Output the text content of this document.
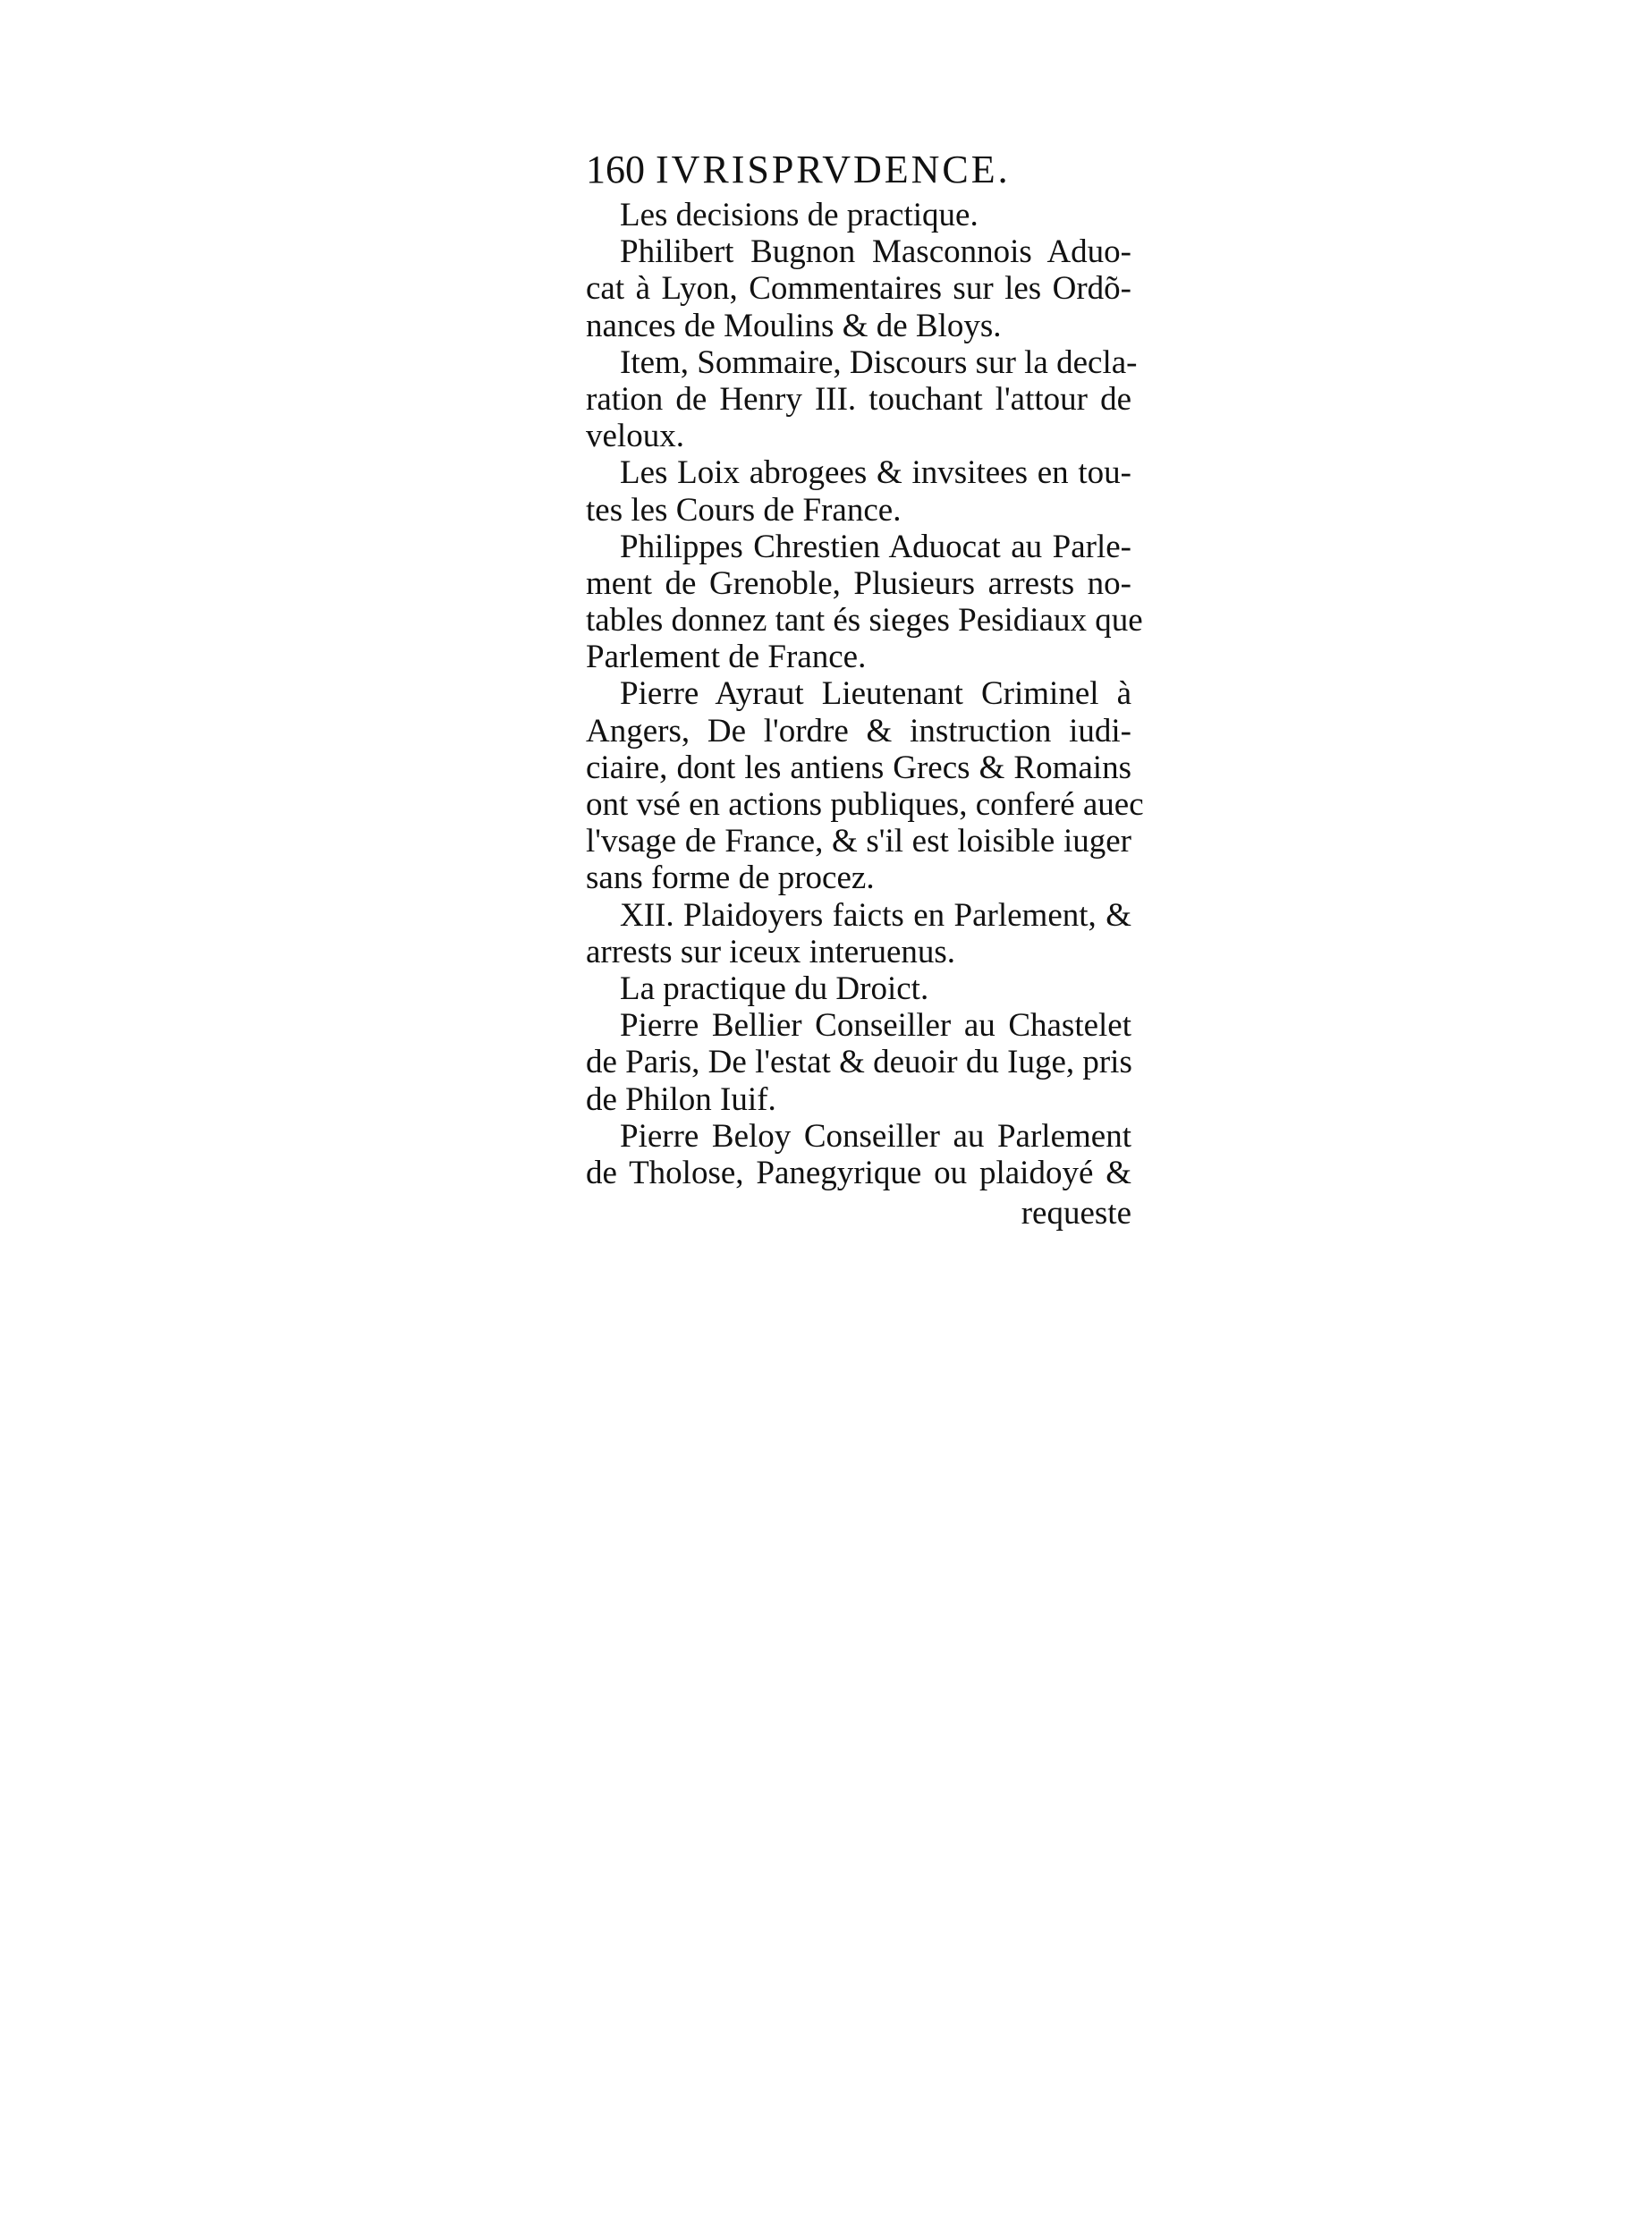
160 IVRISPRVDENCE.
Les decisions de practique.
Philibert Bugnon Masconnois Aduo-
cat à Lyon, Commentaires sur les Ordõ-
nances de Moulins & de Bloys.
Item, Sommaire, Discours sur la decla-
ration de Henry III. touchant l'attour de
veloux.
Les Loix abrogees & invsitees en tou-
tes les Cours de France.
Philippes Chrestien Aduocat au Parle-
ment de Grenoble, Plusieurs arrests no-
tables donnez tant és sieges Pesidiaux que
Parlement de France.
Pierre Ayraut Lieutenant Criminel à
Angers, De l'ordre & instruction iudi-
ciaire, dont les antiens Grecs & Romains
ont vsé en actions publiques, conferé auec
l'vsage de France, & s'il est loisible iuger
sans forme de procez.
XII. Plaidoyers faicts en Parlement, &
arrests sur iceux interuenus.
La practique du Droict.
Pierre Bellier Conseiller au Chastelet
de Paris, De l'estat & deuoir du Iuge, pris
de Philon Iuif.
Pierre Beloy Conseiller au Parlement
de Tholose, Panegyrique ou plaidoyé &
requeste
